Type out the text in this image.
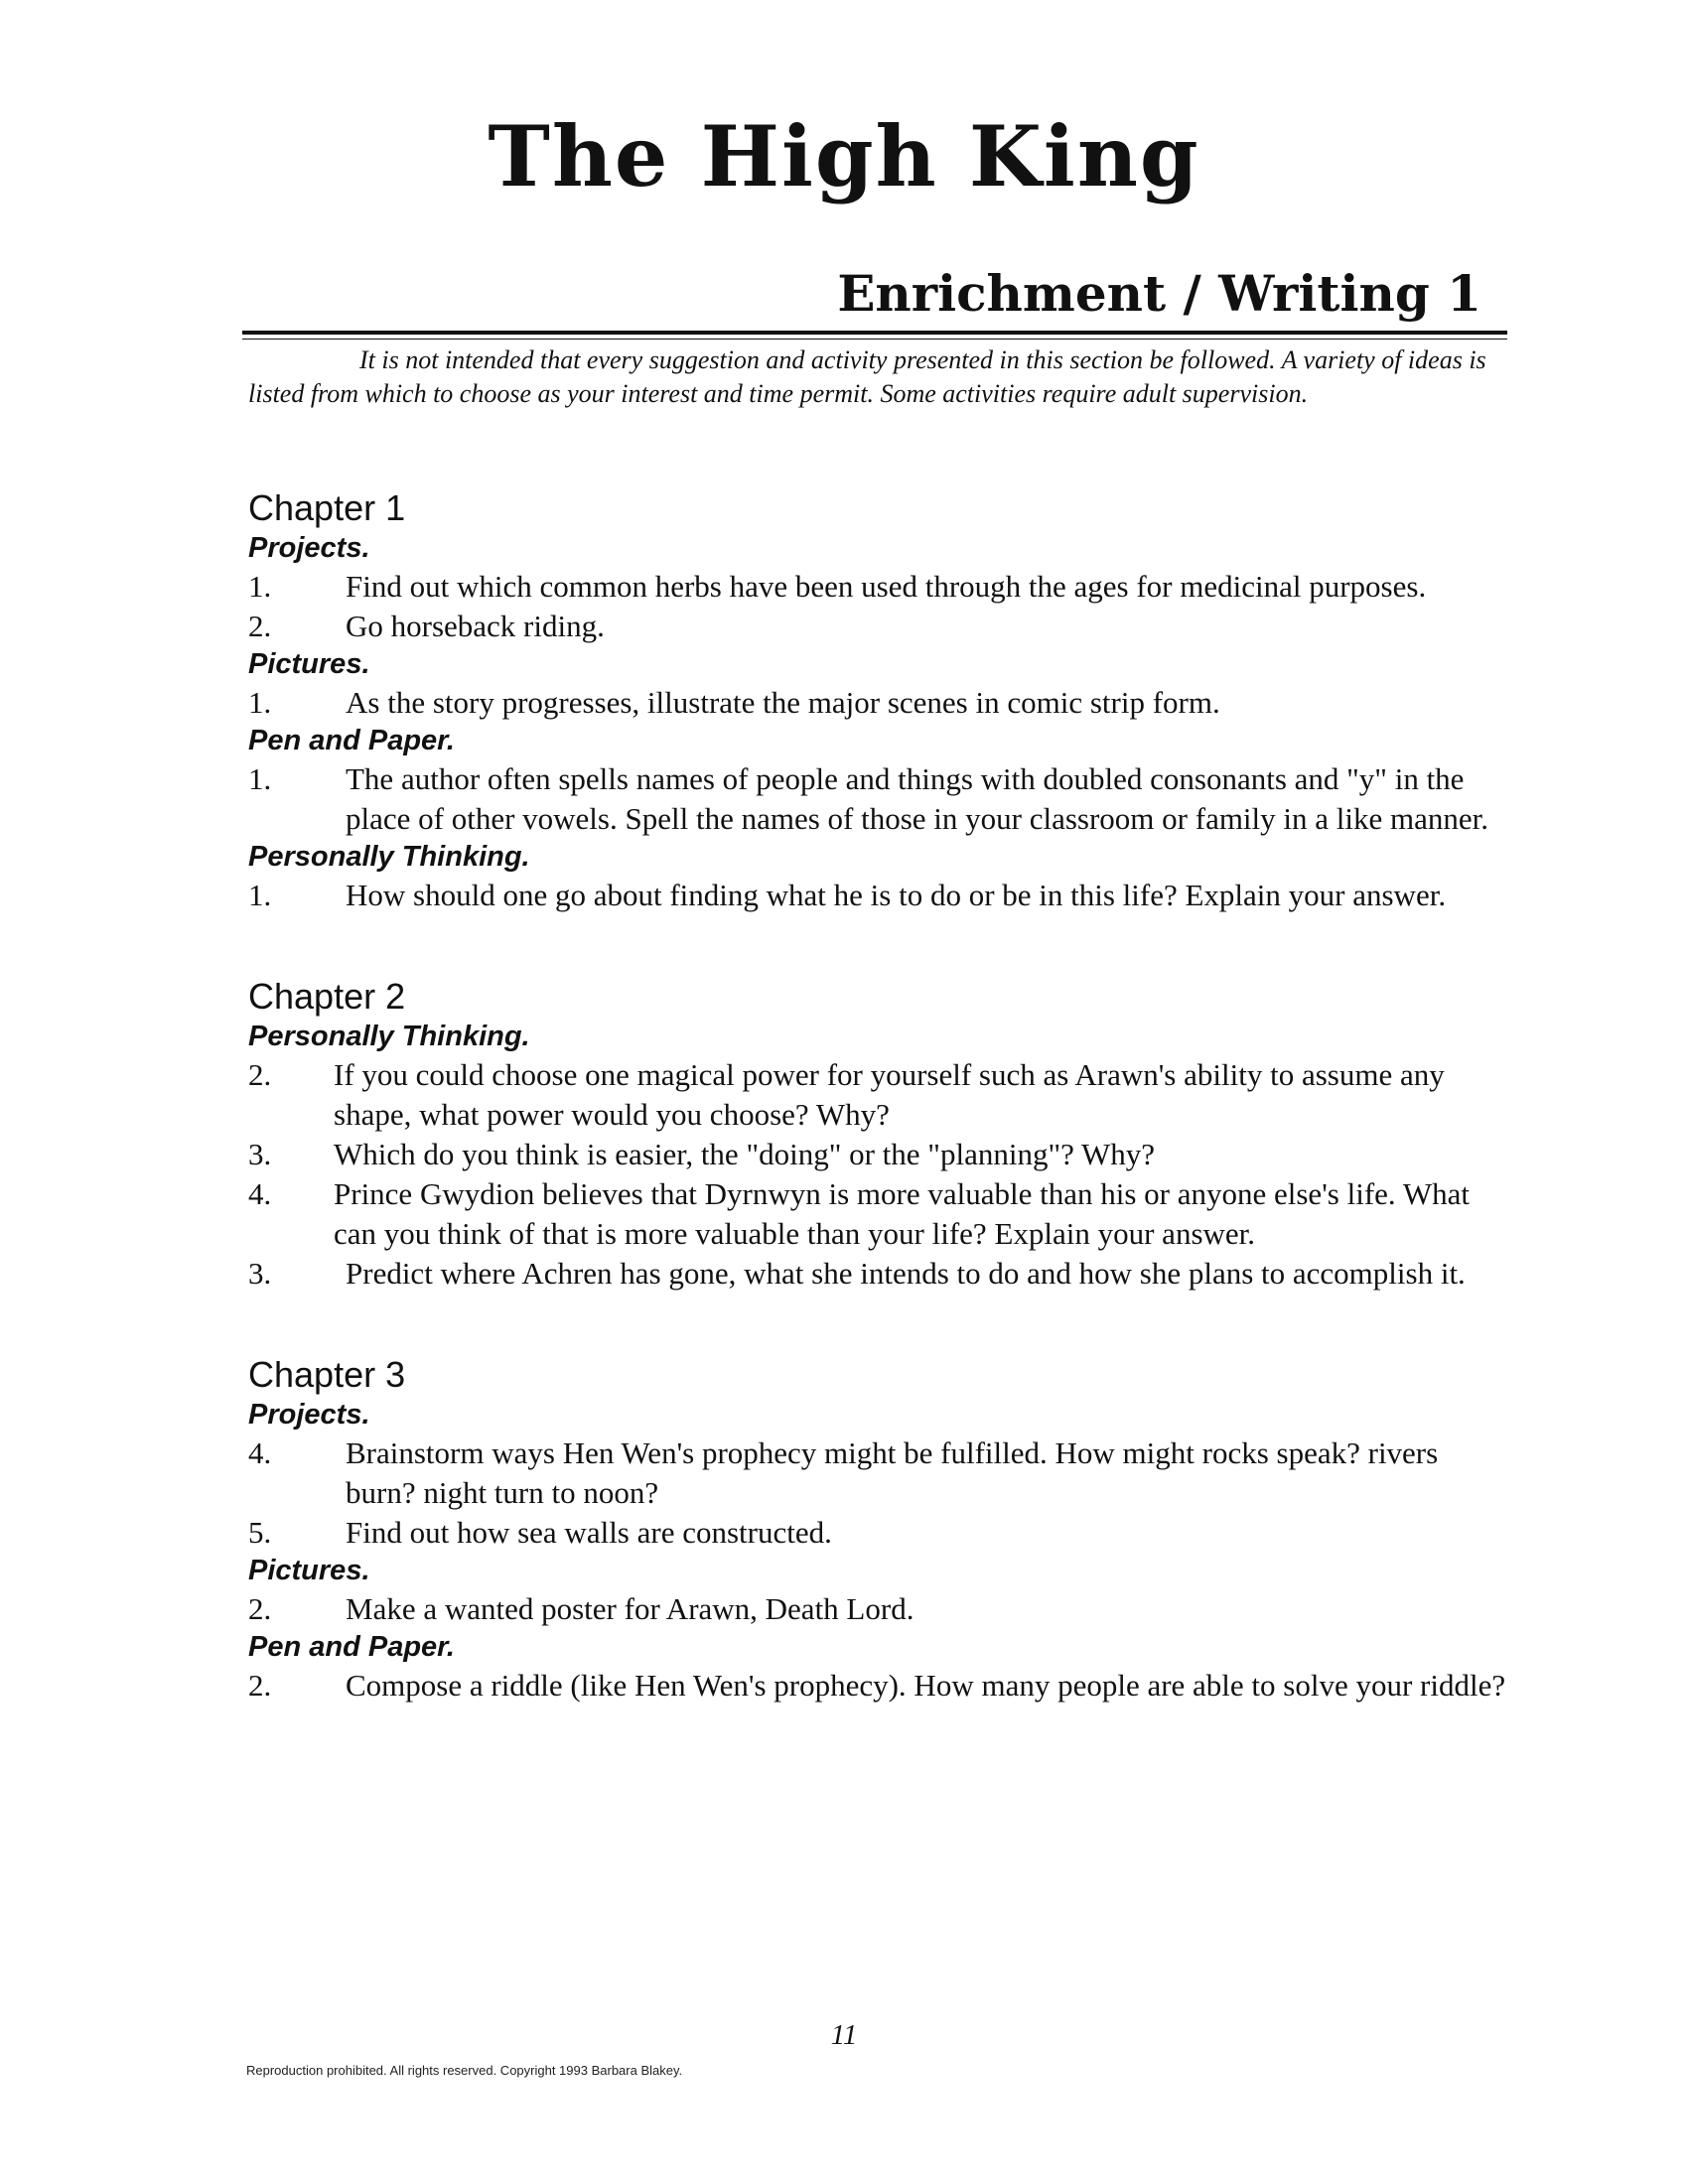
The High King
Enrichment / Writing 1

It is not intended that every suggestion and activity presented in this section be followed. A variety of ideas is listed from which to choose as your interest and time permit. Some activities require adult supervision.

Chapter 1
Projects.
1.	Find out which common herbs have been used through the ages for medicinal purposes.
2.	Go horseback riding.
Pictures.
1.	As the story progresses, illustrate the major scenes in comic strip form.
Pen and Paper.
1.	The author often spells names of people and things with doubled consonants and "y" in the place of other vowels. Spell the names of those in your classroom or family in a like manner.
Personally Thinking.
1.	How should one go about finding what he is to do or be in this life? Explain your answer.
Chapter 2
Personally Thinking.
2.	If you could choose one magical power for yourself such as Arawn's ability to assume any shape, what power would you choose? Why?
3.	Which do you think is easier, the "doing" or the "planning"? Why?
4.	Prince Gwydion believes that Dyrnwyn is more valuable than his or anyone else's life. What can you think of that is more valuable than your life? Explain your answer.
3.	Predict where Achren has gone, what she intends to do and how she plans to accomplish it.
Chapter 3
Projects.
4.	Brainstorm ways Hen Wen's prophecy might be fulfilled. How might rocks speak? rivers burn? night turn to noon?
5.	Find out how sea walls are constructed.
Pictures.
2.	Make a wanted poster for Arawn, Death Lord.
Pen and Paper.
2.	Compose a riddle (like Hen Wen's prophecy). How many people are able to solve your riddle?
11
Reproduction prohibited. All rights reserved. Copyright 1993 Barbara Blakey.
